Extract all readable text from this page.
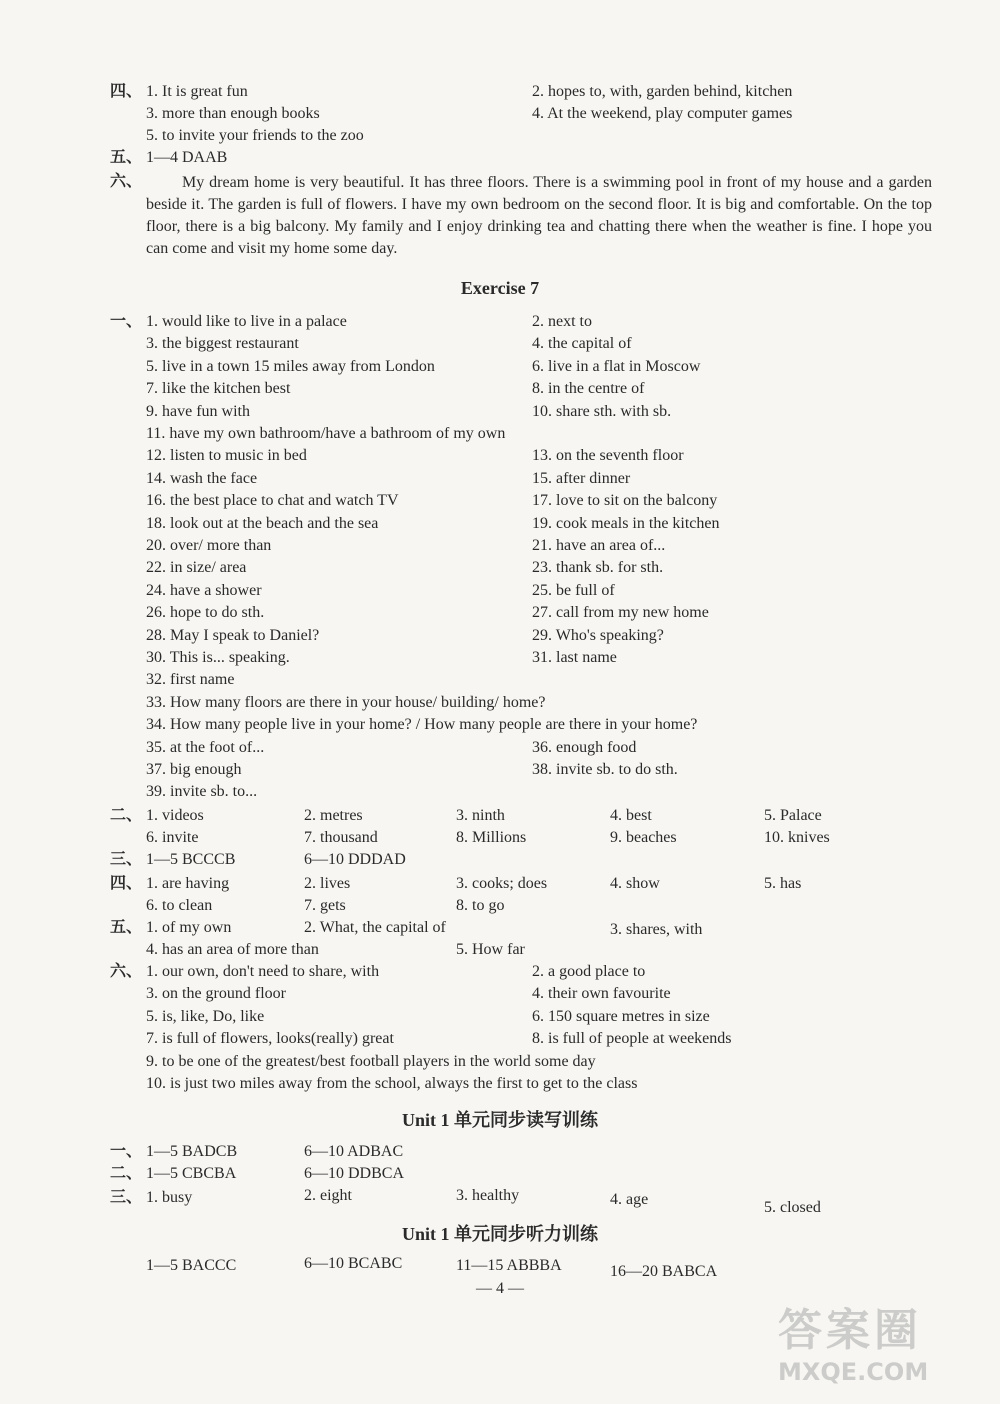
四、 1. It is great fun	2. hopes to, with, garden behind, kitchen
3. more than enough books	4. At the weekend, play computer games
5. to invite your friends to the zoo
五、 1—4 DAAB
六、	My dream home is very beautiful. It has three floors. There is a swimming pool in front of my house and a garden beside it. The garden is full of flowers. I have my own bedroom on the second floor. It is big and comfortable. On the top floor, there is a big balcony. My family and I enjoy drinking tea and chatting there when the weather is fine. I hope you can come and visit my home some day.
Exercise 7
一、 1. would like to live in a palace	2. next to
3. the biggest restaurant	4. the capital of
5. live in a town 15 miles away from London	6. live in a flat in Moscow
7. like the kitchen best	8. in the centre of
9. have fun with	10. share sth. with sb.
11. have my own bathroom/have a bathroom of my own
12. listen to music in bed	13. on the seventh floor
14. wash the face	15. after dinner
16. the best place to chat and watch TV	17. love to sit on the balcony
18. look out at the beach and the sea	19. cook meals in the kitchen
20. over/ more than	21. have an area of...
22. in size/ area	23. thank sb. for sth.
24. have a shower	25. be full of
26. hope to do sth.	27. call from my new home
28. May I speak to Daniel?	29. Who's speaking?
30. This is... speaking.	31. last name
32. first name
33. How many floors are there in your house/ building/ home?
34. How many people live in your home? / How many people are there in your home?
35. at the foot of...	36. enough food
37. big enough	38. invite sb. to do sth.
39. invite sb. to...
二、 1. videos	2. metres	3. ninth	4. best	5. Palace
6. invite	7. thousand	8. Millions	9. beaches	10. knives
三、 1—5 BCCCB	6—10 DDDAD
四、 1. are having	2. lives	3. cooks; does	4. show	5. has
6. to clean	7. gets	8. to go
五、 1. of my own	2. What, the capital of	3. shares, with
4. has an area of more than	5. How far
六、 1. our own, don't need to share, with	2. a good place to
3. on the ground floor	4. their own favourite
5. is, like, Do, like	6. 150 square metres in size
7. is full of flowers, looks(really) great	8. is full of people at weekends
9. to be one of the greatest/best football players in the world some day
10. is just two miles away from the school, always the first to get to the class
Unit 1 单元同步读写训练
一、 1—5 BADCB	6—10 ADBAC
二、 1—5 CBCBA	6—10 DDBCA
三、 1. busy	2. eight	3. healthy	4. age	5. closed
Unit 1 单元同步听力训练
1—5 BACCC	6—10 BCABC	11—15 ABBBA	16—20 BABCA
— 4 —
答案圈
MXQE.COM
